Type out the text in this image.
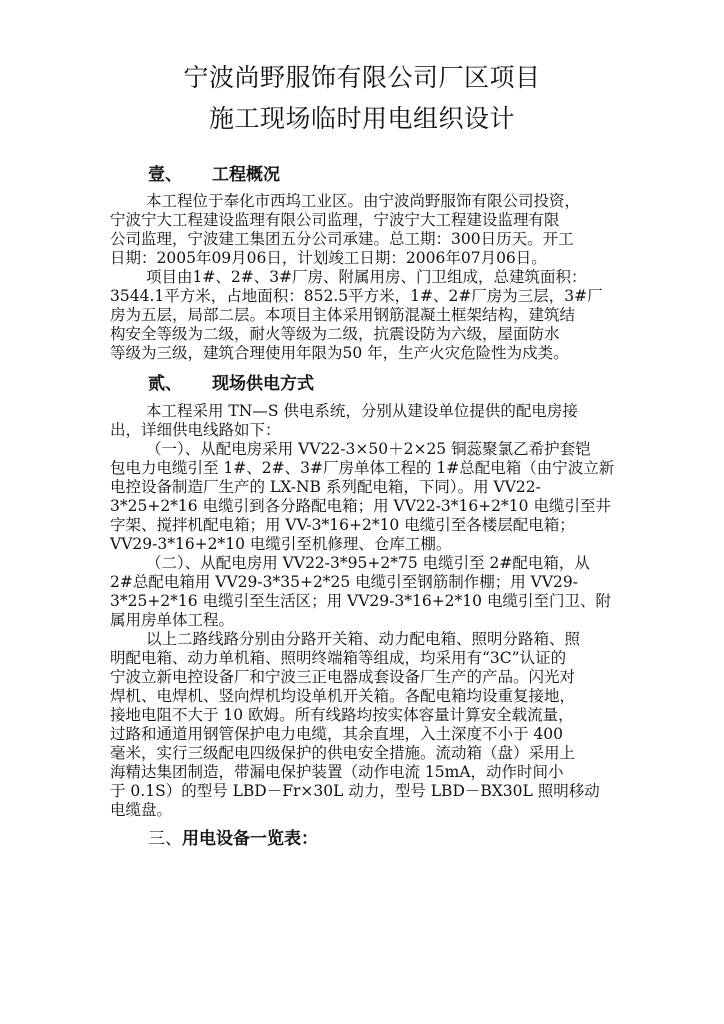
宁波尚野服饰有限公司厂区项目
施工现场临时用电组织设计
壹、 工程概况
本工程位于奉化市西坞工业区。由宁波尚野服饰有限公司投资，
宁波宁大工程建设监理有限公司监理，宁波宁大工程建设监理有限
公司监理，宁波建工集团五分公司承建。总工期：300日历天。开工
日期：2005年09月06日，计划竣工日期：2006年07月06日。
项目由1#、2#、3#厂房、附属用房、门卫组成，总建筑面积：
3544.1平方米，占地面积：852.5平方米，1#、2#厂房为三层，3#厂
房为五层，局部二层。本项目主体采用钢筋混凝土框架结构，建筑结
构安全等级为二级，耐火等级为二级，抗震设防为六级，屋面防水
等级为三级，建筑合理使用年限为50 年，生产火灾危险性为戍类。
贰、 现场供电方式
本工程采用 TN—S 供电系统，分别从建设单位提供的配电房接
出，详细供电线路如下：
（一）、从配电房采用 VV22-3×50＋2×25 铜蕊聚氯乙希护套铠
包电力电缆引至 1#、2#、3#厂房单体工程的 1#总配电箱（由宁波立新
电控设备制造厂生产的 LX-NB 系列配电箱，下同）。用 VV22-
3*25+2*16 电缆引到各分路配电箱；用 VV22-3*16+2*10 电缆引至井
字架、搅拌机配电箱；用 VV-3*16+2*10 电缆引至各楼层配电箱；
VV29-3*16+2*10 电缆引至机修理、仓库工棚。
（二）、从配电房用 VV22-3*95+2*75 电缆引至 2#配电箱，从
2#总配电箱用 VV29-3*35+2*25 电缆引至钢筋制作棚；用 VV29-
3*25+2*16 电缆引至生活区；用 VV29-3*16+2*10 电缆引至门卫、附
属用房单体工程。
以上二路线路分别由分路开关箱、动力配电箱、照明分路箱、照
明配电箱、动力单机箱、照明终端箱等组成，均采用有“3C”认证的
宁波立新电控设备厂和宁波三正电器成套设备厂生产的产品。闪光对
焊机、电焊机、竖向焊机均设单机开关箱。各配电箱均设重复接地，
接地电阻不大于 10 欧姆。所有线路均按实体容量计算安全载流量，
过路和通道用钢管保护电力电缆，其余直埋，入土深度不小于 400
毫米，实行三级配电四级保护的供电安全措施。流动箱（盘）采用上
海精达集团制造，带漏电保护装置（动作电流 15mA，动作时间小
于 0.1S）的型号 LBD－Fr×30L 动力，型号 LBD－BX30L 照明移动
电缆盘。
三、用电设备一览表：
